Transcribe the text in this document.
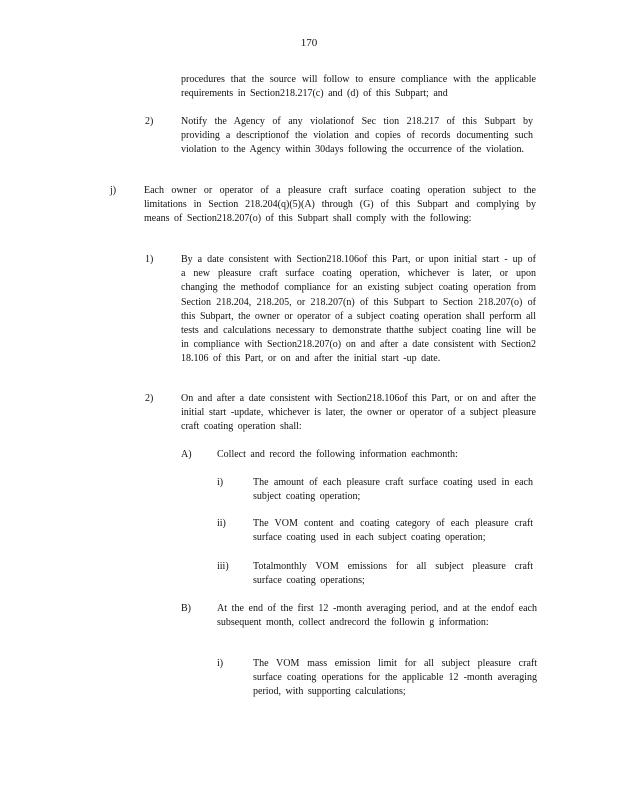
170
procedures that the source will follow to ensure compliance with the applicable requirements in Section218.217(c) and (d) of this Subpart; and
2)	Notify the Agency of any violationof Sec tion 218.217 of this Subpart by providing a descriptionof the violation and copies of records documenting such violation to the Agency within 30days following the occurrence of the violation.
j)	Each owner or operator of a pleasure craft surface coating operation subject to the limitations in Section 218.204(q)(5)(A) through (G) of this Subpart and complying by means of Section218.207(o) of this Subpart shall comply with the following:
1)	By a date consistent with Section218.106of this Part, or upon initial start - up of a new pleasure craft surface coating operation, whichever is later, or upon changing the methodof compliance for an existing subject coating operation from Section 218.204, 218.205, or 218.207(n) of this Subpart to Section 218.207(o) of this Subpart, the owner or operator of a subject coating operation shall perform all tests and calculations necessary to demonstrate thatthe subject coating line will be in compliance with Section218.207(o) on and after a date consistent with Section2 18.106 of this Part, or on and after the initial start -up date.
2)	On and after a date consistent with Section218.106of this Part, or on and after the initial start -update, whichever is later, the owner or operator of a subject pleasure craft coating operation shall:
A)	Collect and record the following information eachmonth:
i)	The amount of each pleasure craft surface coating used in each subject coating operation;
ii)	The VOM content and coating category of each pleasure craft surface coating used in each subject coating operation;
iii) Totalmonthly VOM emissions for all subject pleasure craft surface coating operations;
B)	At the end of the first 12 -month averaging period, and at the endof each subsequent month, collect andrecord the followin g information:
i)	The VOM mass emission limit for all subject pleasure craft surface coating operations for the applicable 12 -month averaging period, with supporting calculations;
